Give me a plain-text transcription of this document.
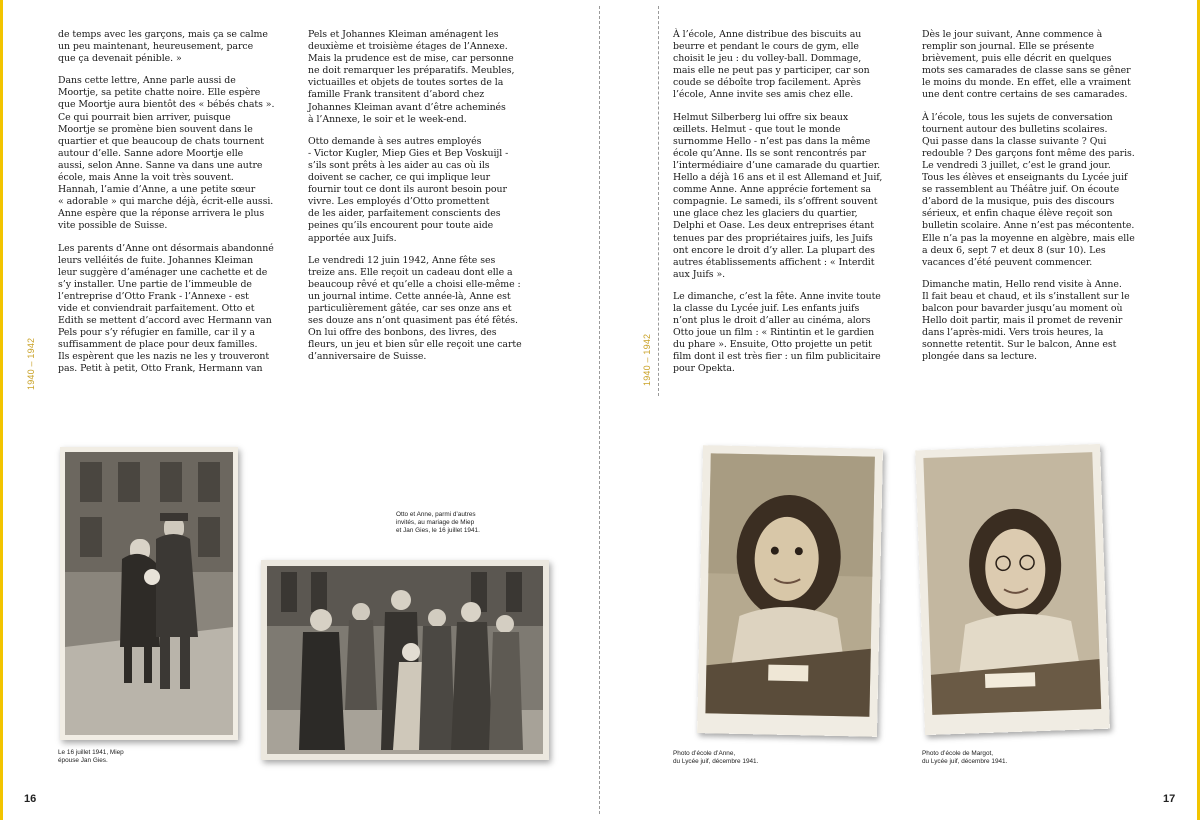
de temps avec les garçons, mais ça se calme
un peu maintenant, heureusement, parce
que ça devenait pénible. »

Dans cette lettre, Anne parle aussi de
Moortje, sa petite chatte noire. Elle espère
que Moortje aura bientôt des « bébés chats ».
Ce qui pourrait bien arriver, puisque
Moortje se promène bien souvent dans le
quartier et que beaucoup de chats tournent
autour d’elle. Sanne adore Moortje elle
aussi, selon Anne. Sanne va dans une autre
école, mais Anne la voit très souvent.
Hannah, l’amie d’Anne, a une petite sœur
« adorable » qui marche déjà, écrit-elle aussi.
Anne espère que la réponse arrivera le plus
vite possible de Suisse.

Les parents d’Anne ont désormais abandonné
leurs velléités de fuite. Johannes Kleiman
leur suggère d’aménager une cachette et de
s’y installer. Une partie de l’immeuble de
l’entreprise d’Otto Frank - l’Annexe - est
vide et conviendrait parfaitement. Otto et
Edith se mettent d’accord avec Hermann van
Pels pour s’y réfugier en famille, car il y a
suffisamment de place pour deux familles.
Ils espèrent que les nazis ne les y trouveront
pas. Petit à petit, Otto Frank, Hermann van

Pels et Johannes Kleiman aménagent les
deuxième et troisième étages de l’Annexe.
Mais la prudence est de mise, car personne
ne doit remarquer les préparatifs. Meubles,
victuailles et objets de toutes sortes de la
famille Frank transitent d’abord chez
Johannes Kleiman avant d’être acheminés
à l’Annexe, le soir et le week-end.

Otto demande à ses autres employés
- Victor Kugler, Miep Gies et Bep Voskuijl -
s’ils sont prêts à les aider au cas où ils
doivent se cacher, ce qui implique leur
fournir tout ce dont ils auront besoin pour
vivre. Les employés d’Otto promettent
de les aider, parfaitement conscients des
peines qu’ils encourent pour toute aide
apportée aux Juifs.

Le vendredi 12 juin 1942, Anne fête ses
treize ans. Elle reçoit un cadeau dont elle a
beaucoup rêvé et qu’elle a choisi elle-même :
un journal intime. Cette année-là, Anne est
particulièrement gâtée, car ses onze ans et
ses douze ans n’ont quasiment pas été fêtés.
On lui offre des bonbons, des livres, des
fleurs, un jeu et bien sûr elle reçoit une carte
d’anniversaire de Suisse.

1940 – 1942
Otto et Anne, parmi d’autres
invités, au mariage de Miep
et Jan Gies, le 16 juillet 1941.
Le 16 juillet 1941, Miep
épouse Jan Gies.
16

À l’école, Anne distribue des biscuits au
beurre et pendant le cours de gym, elle
choisit le jeu : du volley-ball. Dommage,
mais elle ne peut pas y participer, car son
coude se déboîte trop facilement. Après
l’école, Anne invite ses amis chez elle.

Helmut Silberberg lui offre six beaux
œillets. Helmut - que tout le monde
surnomme Hello - n’est pas dans la même
école qu’Anne. Ils se sont rencontrés par
l’intermédiaire d’une camarade du quartier.
Hello a déjà 16 ans et il est Allemand et Juif,
comme Anne. Anne apprécie fortement sa
compagnie. Le samedi, ils s’offrent souvent
une glace chez les glaciers du quartier,
Delphi et Oase. Les deux entreprises étant
tenues par des propriétaires juifs, les Juifs
ont encore le droit d’y aller. La plupart des
autres établissements affichent : « Interdit
aux Juifs ».

Le dimanche, c’est la fête. Anne invite toute
la classe du Lycée juif. Les enfants juifs
n’ont plus le droit d’aller au cinéma, alors
Otto joue un film : « Rintintin et le gardien
du phare ». Ensuite, Otto projette un petit
film dont il est très fier : un film publicitaire
pour Opekta.

Dès le jour suivant, Anne commence à
remplir son journal. Elle se présente
brièvement, puis elle décrit en quelques
mots ses camarades de classe sans se gêner
le moins du monde. En effet, elle a vraiment
une dent contre certains de ses camarades.

À l’école, tous les sujets de conversation
tournent autour des bulletins scolaires.
Qui passe dans la classe suivante ? Qui
redouble ? Des garçons font même des paris.
Le vendredi 3 juillet, c’est le grand jour.
Tous les élèves et enseignants du Lycée juif
se rassemblent au Théâtre juif. On écoute
d’abord de la musique, puis des discours
sérieux, et enfin chaque élève reçoit son
bulletin scolaire. Anne n’est pas mécontente.
Elle n’a pas la moyenne en algèbre, mais elle
a deux 6, sept 7 et deux 8 (sur 10). Les
vacances d’été peuvent commencer.

Dimanche matin, Hello rend visite à Anne.
Il fait beau et chaud, et ils s’installent sur le
balcon pour bavarder jusqu’au moment où
Hello doit partir, mais il promet de revenir
dans l’après-midi. Vers trois heures, la
sonnette retentit. Sur le balcon, Anne est
plongée dans sa lecture.

1940 – 1942
Photo d’école d’Anne,
du Lycée juif, décembre 1941.
Photo d’école de Margot,
du Lycée juif, décembre 1941.
17
